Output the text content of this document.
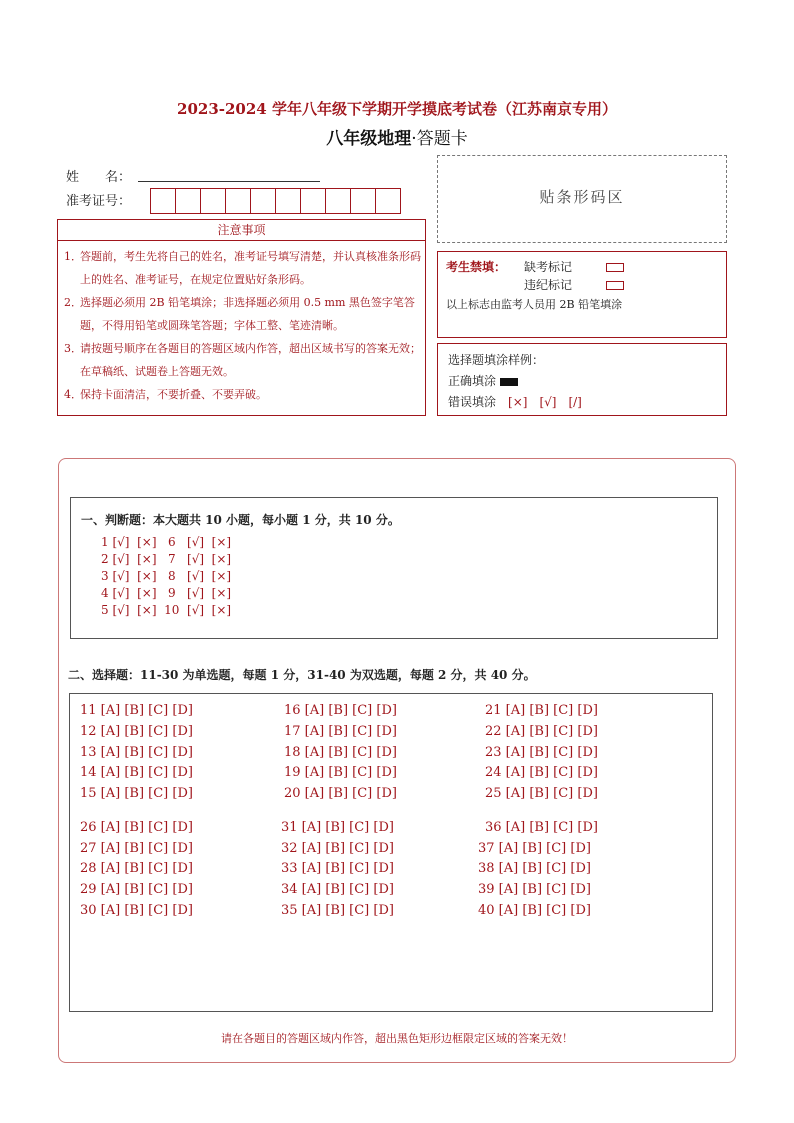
2023-2024 学年八年级下学期开学摸底考试卷（江苏南京专用）
八年级地理·答题卡
姓　　名：
准考证号：	贴条形码区
注意事项
1．
答题前，考生先将自己的姓名，准考证号填写清楚，并认真核准条形码上的姓名、准考证号，在规定位置贴好条形码。
2．
选择题必须用 2B 铅笔填涂；非选择题必须用 0.5 mm 黑色签字笔答题，不得用铅笔或圆珠笔答题；字体工整、笔迹清晰。
3．
请按题号顺序在各题目的答题区域内作答，超出区域书写的答案无效；在草稿纸、试题卷上答题无效。
4．
保持卡面清洁，不要折叠、不要弄破。
考生禁填： 缺考标记
违纪标记
以上标志由监考人员用 2B 铅笔填涂
选择题填涂样例：
正确填涂
错误填涂　 [×]　[√]　[/]
一、判断题：本大题共 10 小题，每小题 1 分，共 10 分。
1 [√]  [×]   6   [√]  [×]
2 [√]  [×]   7   [√]  [×]
3 [√]  [×]   8   [√]  [×]
4 [√]  [×]   9   [√]  [×]
5 [√]  [×]  10  [√]  [×]
二、选择题：11-30 为单选题，每题 1 分，31-40 为双选题，每题 2 分，共 40 分。
11 [A] [B] [C] [D]
12 [A] [B] [C] [D]
13 [A] [B] [C] [D]
14 [A] [B] [C] [D]
15 [A] [B] [C] [D]
16 [A] [B] [C] [D]
17 [A] [B] [C] [D]
18 [A] [B] [C] [D]
19 [A] [B] [C] [D]
20 [A] [B] [C] [D]
21 [A] [B] [C] [D]
22 [A] [B] [C] [D]
23 [A] [B] [C] [D]
24 [A] [B] [C] [D]
25 [A] [B] [C] [D]
26 [A] [B] [C] [D]
27 [A] [B] [C] [D]
28 [A] [B] [C] [D]
29 [A] [B] [C] [D]
30 [A] [B] [C] [D]
31 [A] [B] [C] [D]
32 [A] [B] [C] [D]
33 [A] [B] [C] [D]
34 [A] [B] [C] [D]
35 [A] [B] [C] [D]
36 [A] [B] [C] [D]
37 [A] [B] [C] [D]
38 [A] [B] [C] [D]
39 [A] [B] [C] [D]
40 [A] [B] [C] [D]
请在各题目的答题区域内作答，超出黑色矩形边框限定区域的答案无效！
